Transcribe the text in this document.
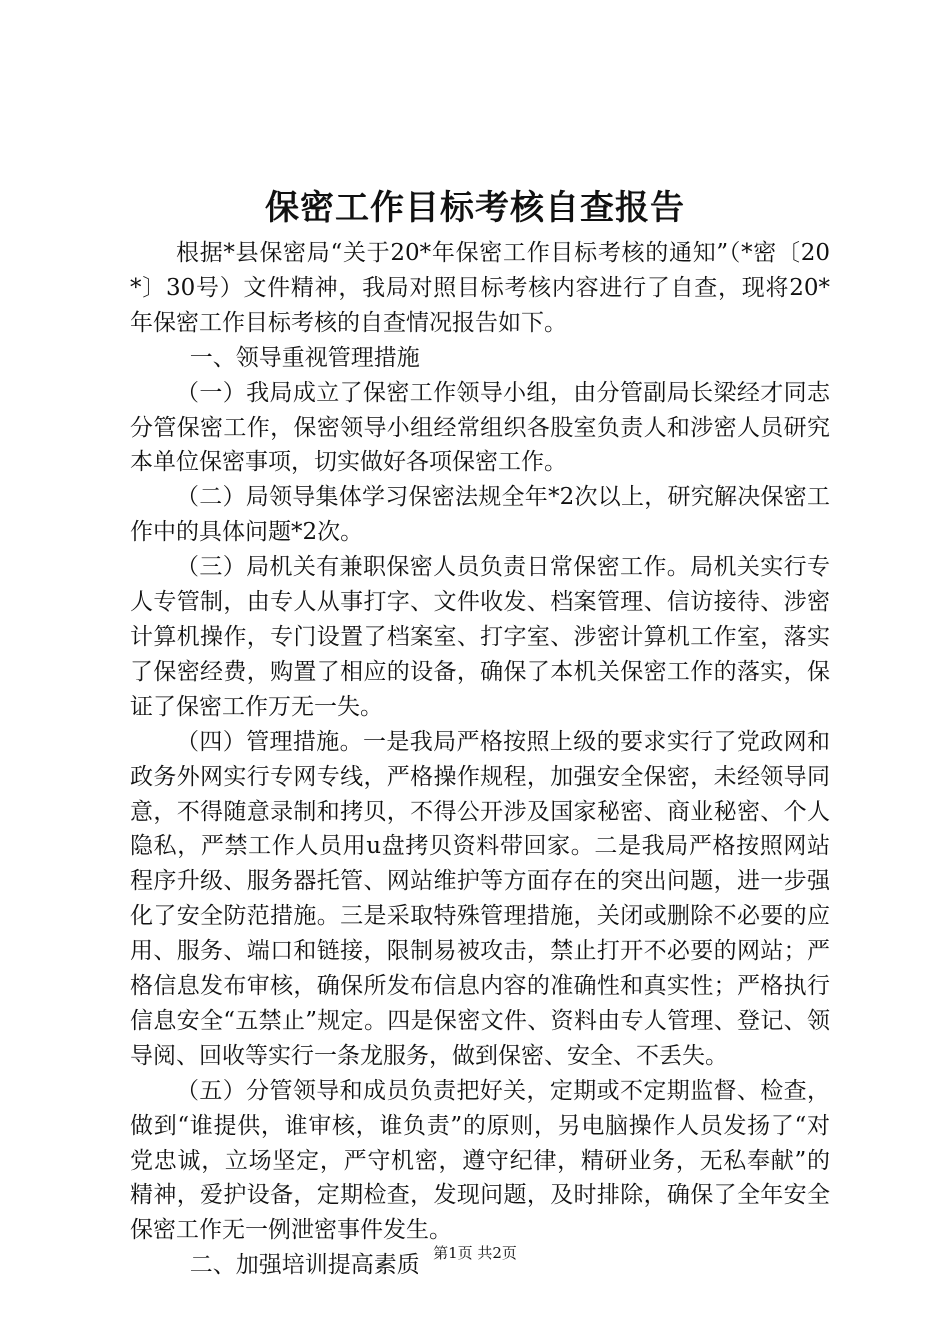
保密工作目标考核自查报告

根据*县保密局“关于20*年保密工作目标考核的通知”（*密〔20*〕30号）文件精神，我局对照目标考核内容进行了自查，现将20*年保密工作目标考核的自查情况报告如下。

一、领导重视管理措施

（一）我局成立了保密工作领导小组，由分管副局长梁经才同志分管保密工作，保密领导小组经常组织各股室负责人和涉密人员研究本单位保密事项，切实做好各项保密工作。

（二）局领导集体学习保密法规全年*2次以上，研究解决保密工作中的具体问题*2次。

（三）局机关有兼职保密人员负责日常保密工作。局机关实行专人专管制，由专人从事打字、文件收发、档案管理、信访接待、涉密计算机操作，专门设置了档案室、打字室、涉密计算机工作室，落实了保密经费，购置了相应的设备，确保了本机关保密工作的落实，保证了保密工作万无一失。

（四）管理措施。一是我局严格按照上级的要求实行了党政网和政务外网实行专网专线，严格操作规程，加强安全保密，未经领导同意，不得随意录制和拷贝，不得公开涉及国家秘密、商业秘密、个人隐私，严禁工作人员用u盘拷贝资料带回家。二是我局严格按照网站程序升级、服务器托管、网站维护等方面存在的突出问题，进一步强化了安全防范措施。三是采取特殊管理措施，关闭或删除不必要的应用、服务、端口和链接，限制易被攻击，禁止打开不必要的网站；严格信息发布审核，确保所发布信息内容的准确性和真实性；严格执行信息安全“五禁止”规定。四是保密文件、资料由专人管理、登记、领导阅、回收等实行一条龙服务，做到保密、安全、不丢失。

（五）分管领导和成员负责把好关，定期或不定期监督、检查，做到“谁提供，谁审核，谁负责”的原则，另电脑操作人员发扬了“对党忠诚，立场坚定，严守机密，遵守纪律，精研业务，无私奉献”的精神，爱护设备，定期检查，发现问题，及时排除，确保了全年安全保密工作无一例泄密事件发生。

二、加强培训提高素质 第1页 共2页
